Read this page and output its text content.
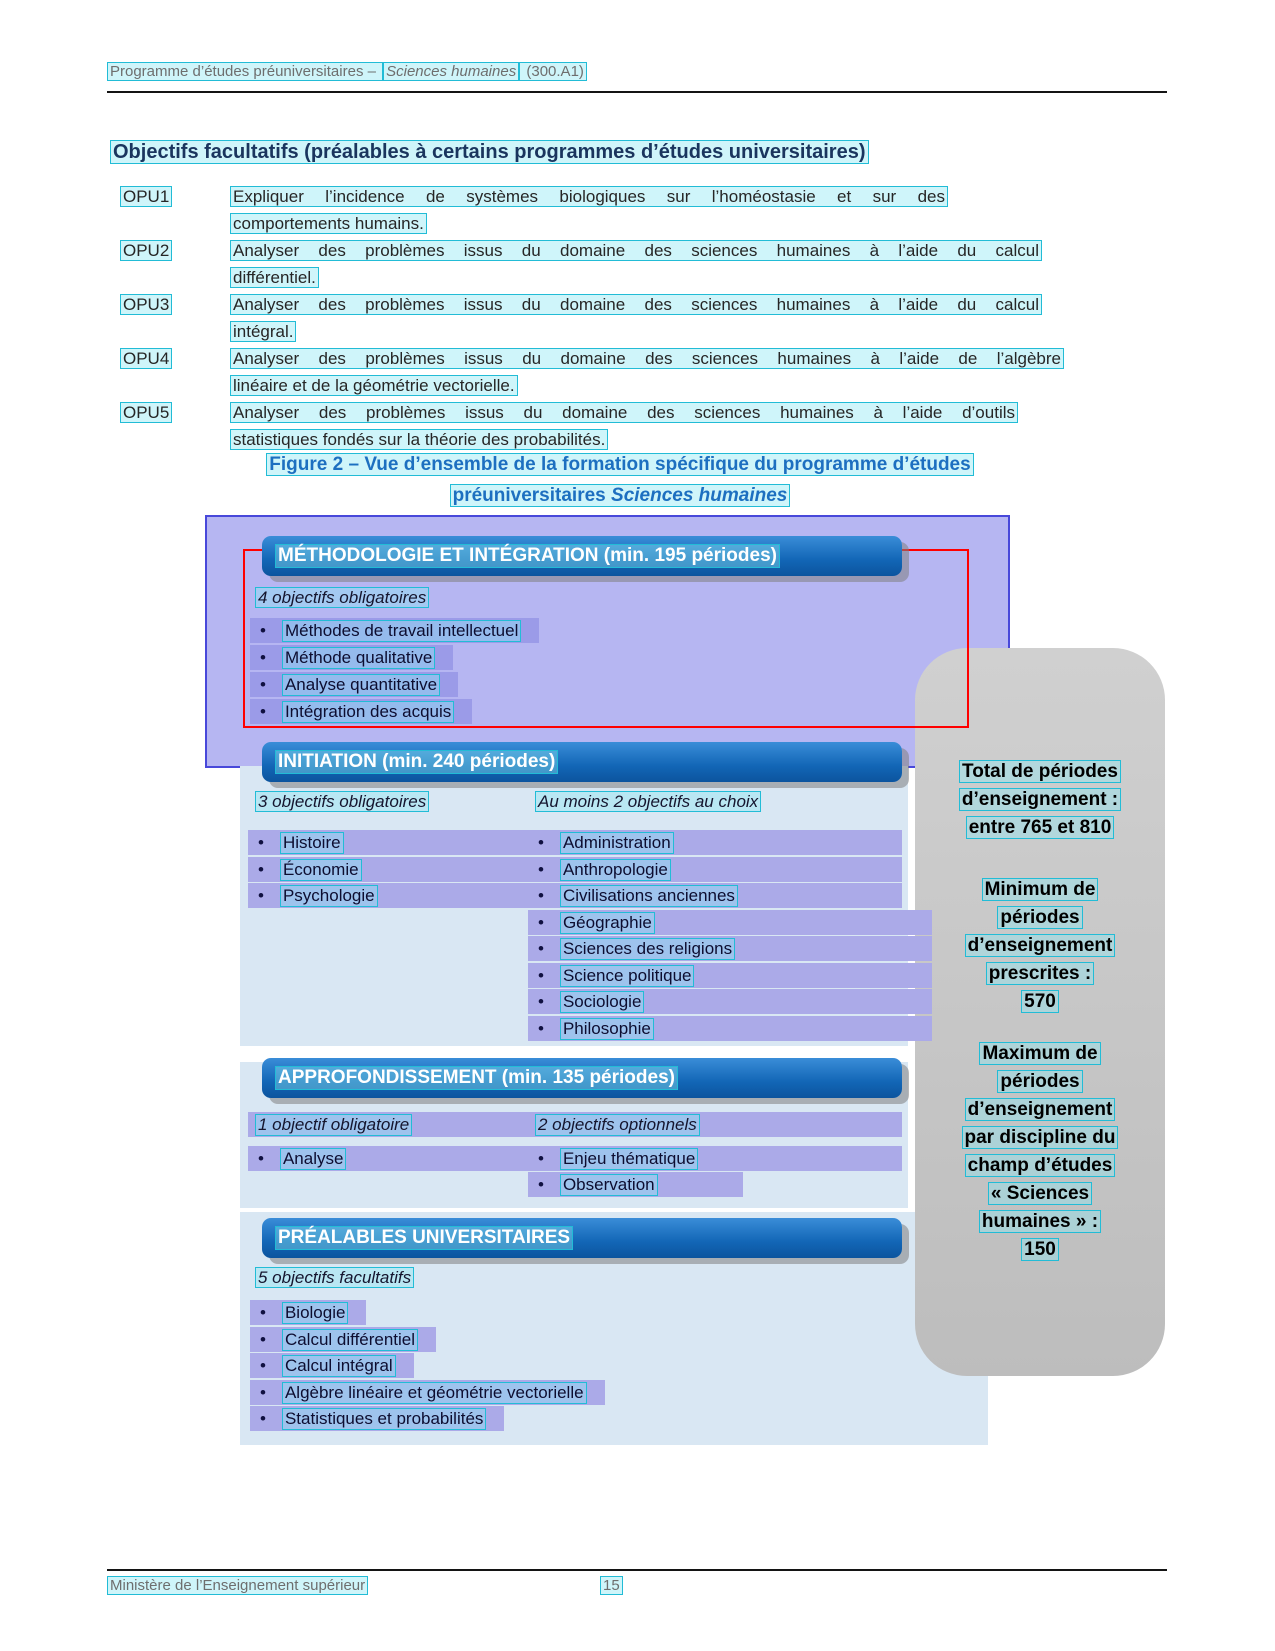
Programme d’études préuniversitaires – Sciences humaines (300.A1)
Objectifs facultatifs (préalables à certains programmes d’études universitaires)
OPU1	Expliquer l’incidence de systèmes biologiques sur l’homéostasie et sur des
comportements humains.
OPU2	Analyser des problèmes issus du domaine des sciences humaines à l’aide du calcul
différentiel.
OPU3	Analyser des problèmes issus du domaine des sciences humaines à l’aide du calcul
intégral.
OPU4	Analyser des problèmes issus du domaine des sciences humaines à l’aide de l’algèbre
linéaire et de la géométrie vectorielle.
OPU5	Analyser des problèmes issus du domaine des sciences humaines à l’aide d’outils
statistiques fondés sur la théorie des probabilités.
Figure 2 – Vue d’ensemble de la formation spécifique du programme d’études
préuniversitaires Sciences humaines
MÉTHODOLOGIE ET INTÉGRATION (min. 195 périodes)
4 objectifs obligatoires
•
Méthodes de travail intellectuel
•
Méthode qualitative
•
Analyse quantitative
•
Intégration des acquis
INITIATION (min. 240 périodes)
3 objectifs obligatoires	Au moins 2 objectifs au choix
•
Histoire •	Administration
•
Économie •	Anthropologie
•
Psychologie •	Civilisations anciennes
•
Géographie
•
Sciences des religions
•
Science politique
•
Sociologie
•
Philosophie
APPROFONDISSEMENT (min. 135 périodes)
1 objectif obligatoire	2 objectifs optionnels
•
Analyse •	Enjeu thématique
•
Observation
PRÉALABLES UNIVERSITAIRES
5 objectifs facultatifs
•
Biologie
•
Calcul différentiel
•
Calcul intégral
•
Algèbre linéaire et géométrie vectorielle
•
Statistiques et probabilités
Total de périodes
d’enseignement :
entre 765 et 810
Minimum de
périodes
d’enseignement
prescrites :
570
Maximum de
périodes
d’enseignement
par discipline du
champ d’études
« Sciences
humaines » :
150
Ministère de l’Enseignement supérieur	15
